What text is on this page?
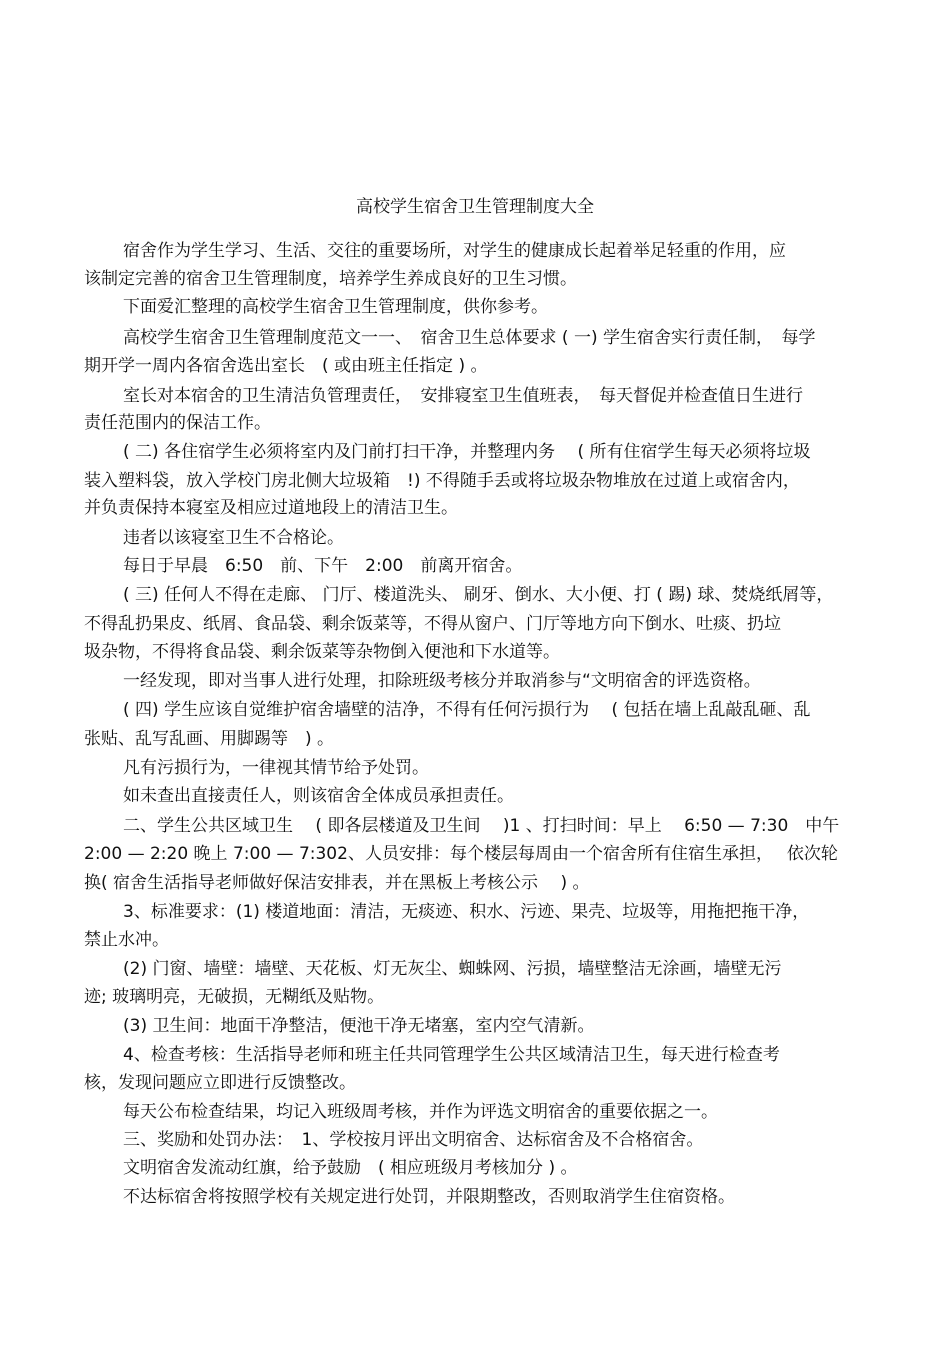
高校学生宿舍卫生管理制度大全
宿舍作为学生学习、生活、交往的重要场所，对学生的健康成长起着举足轻重的作用，应
该制定完善的宿舍卫生管理制度，培养学生养成良好的卫生习惯。
下面爱汇整理的高校学生宿舍卫生管理制度，供你参考。
高校学生宿舍卫生管理制度范文一一、　宿舍卫生总体要求 ( 一) 学生宿舍实行责任制，　每学
期开学一周内各宿舍选出室长　( 或由班主任指定 ) 。
室长对本宿舍的卫生清洁负管理责任，　安排寝室卫生值班表，　每天督促并检查值日生进行
责任范围内的保洁工作。
( 二) 各住宿学生必须将室内及门前打扫干净，并整理内务　 ( 所有住宿学生每天必须将垃圾
装入塑料袋，放入学校门房北侧大垃圾箱　!) 不得随手丢或将垃圾杂物堆放在过道上或宿舍内，
并负责保持本寝室及相应过道地段上的清洁卫生。
违者以该寝室卫生不合格论。
每日于早晨　6:50　前、下午　2:00　前离开宿舍。
( 三) 任何人不得在走廊、 门厅、楼道洗头、 刷牙、倒水、大小便、打 ( 踢) 球、焚烧纸屑等，
不得乱扔果皮、纸屑、食品袋、剩余饭菜等，不得从窗户、门厅等地方向下倒水、吐痰、扔垃
圾杂物，不得将食品袋、剩余饭菜等杂物倒入便池和下水道等。
一经发现，即对当事人进行处理，扣除班级考核分并取消参与“文明宿舍的评选资格。
( 四) 学生应该自觉维护宿舍墙壁的洁净，不得有任何污损行为　 ( 包括在墙上乱敲乱砸、乱
张贴、乱写乱画、用脚踢等　) 。
凡有污损行为，一律视其情节给予处罚。
如未查出直接责任人，则该宿舍全体成员承担责任。
二、学生公共区域卫生　 ( 即各层楼道及卫生间　 )1 、打扫时间：早上　 6:50 — 7:30　中午
2:00 — 2:20 晚上 7:00 — 7:302、人员安排：每个楼层每周由一个宿舍所有住宿生承担，　 依次轮
换( 宿舍生活指导老师做好保洁安排表，并在黑板上考核公示　 ) 。
3、标准要求：(1) 楼道地面：清洁，无痰迹、积水、污迹、果壳、垃圾等，用拖把拖干净，
禁止水冲。
(2) 门窗、墙壁：墙壁、天花板、灯无灰尘、蜘蛛网、污损，墙壁整洁无涂画，墙壁无污
迹; 玻璃明亮，无破损，无糊纸及贴物。
(3) 卫生间：地面干净整洁，便池干净无堵塞，室内空气清新。
4、检查考核：生活指导老师和班主任共同管理学生公共区域清洁卫生，每天进行检查考
核，发现问题应立即进行反馈整改。
每天公布检查结果，均记入班级周考核，并作为评选文明宿舍的重要依据之一。
三、奖励和处罚办法：　1、学校按月评出文明宿舍、达标宿舍及不合格宿舍。
文明宿舍发流动红旗，给予鼓励　( 相应班级月考核加分 ) 。
不达标宿舍将按照学校有关规定进行处罚，并限期整改，否则取消学生住宿资格。
